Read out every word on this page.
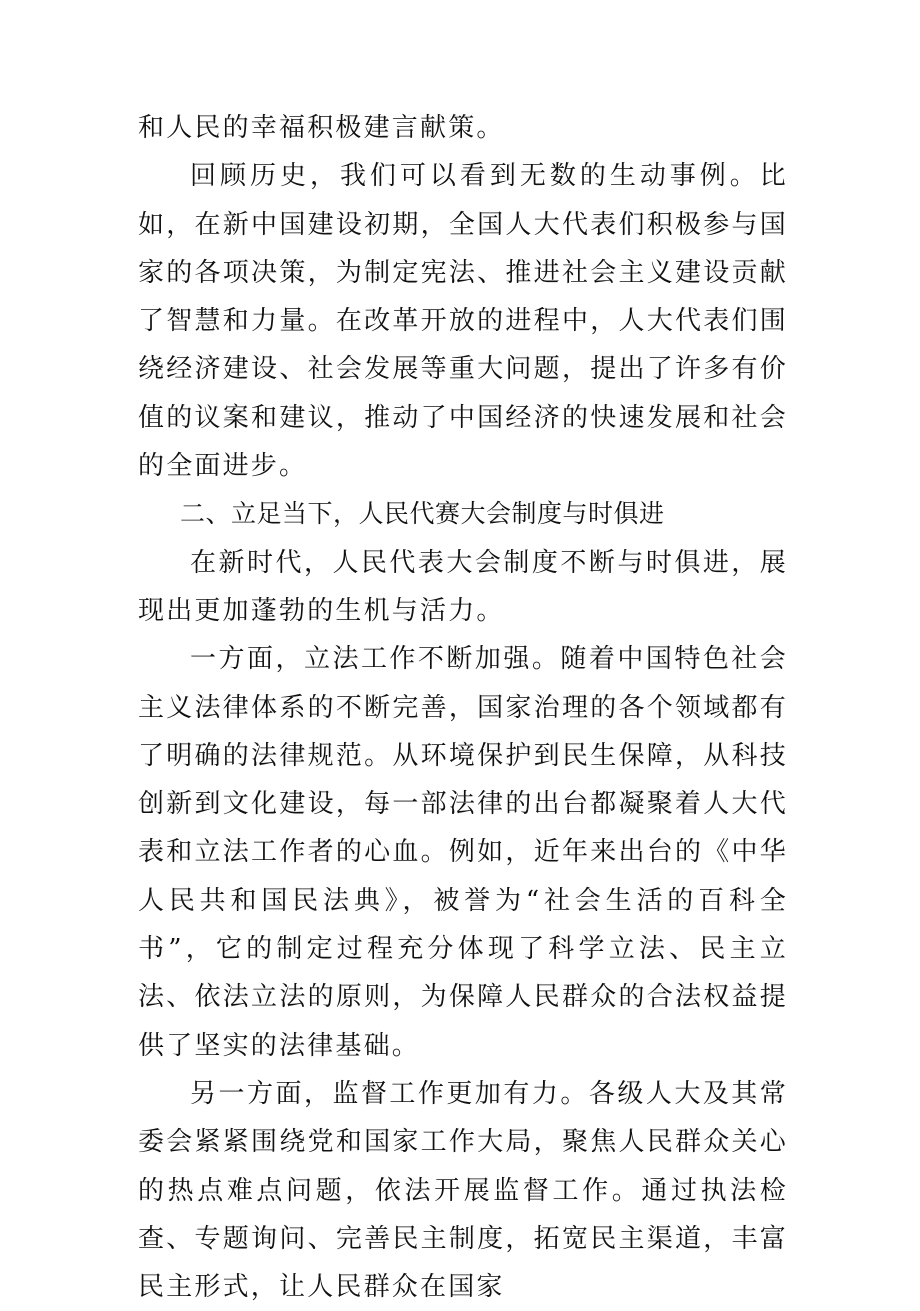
和人民的幸福积极建言献策。

回顾历史，我们可以看到无数的生动事例。比如，在新中国建设初期，全国人大代表们积极参与国家的各项决策，为制定宪法、推进社会主义建设贡献了智慧和力量。在改革开放的进程中，人大代表们围绕经济建设、社会发展等重大问题，提出了许多有价值的议案和建议，推动了中国经济的快速发展和社会的全面进步。

二、立足当下，人民代赛大会制度与时俱进

在新时代，人民代表大会制度不断与时俱进，展现出更加蓬勃的生机与活力。

一方面，立法工作不断加强。随着中国特色社会主义法律体系的不断完善，国家治理的各个领域都有了明确的法律规范。从环境保护到民生保障，从科技创新到文化建设，每一部法律的出台都凝聚着人大代表和立法工作者的心血。例如，近年来出台的《中华人民共和国民法典》，被誉为“社会生活的百科全书”，它的制定过程充分体现了科学立法、民主立法、依法立法的原则，为保障人民群众的合法权益提供了坚实的法律基础。

另一方面，监督工作更加有力。各级人大及其常委会紧紧围绕党和国家工作大局，聚焦人民群众关心的热点难点问题，依法开展监督工作。通过执法检查、专题询问、完善民主制度，拓宽民主渠道，丰富民主形式，让人民群众在国家
